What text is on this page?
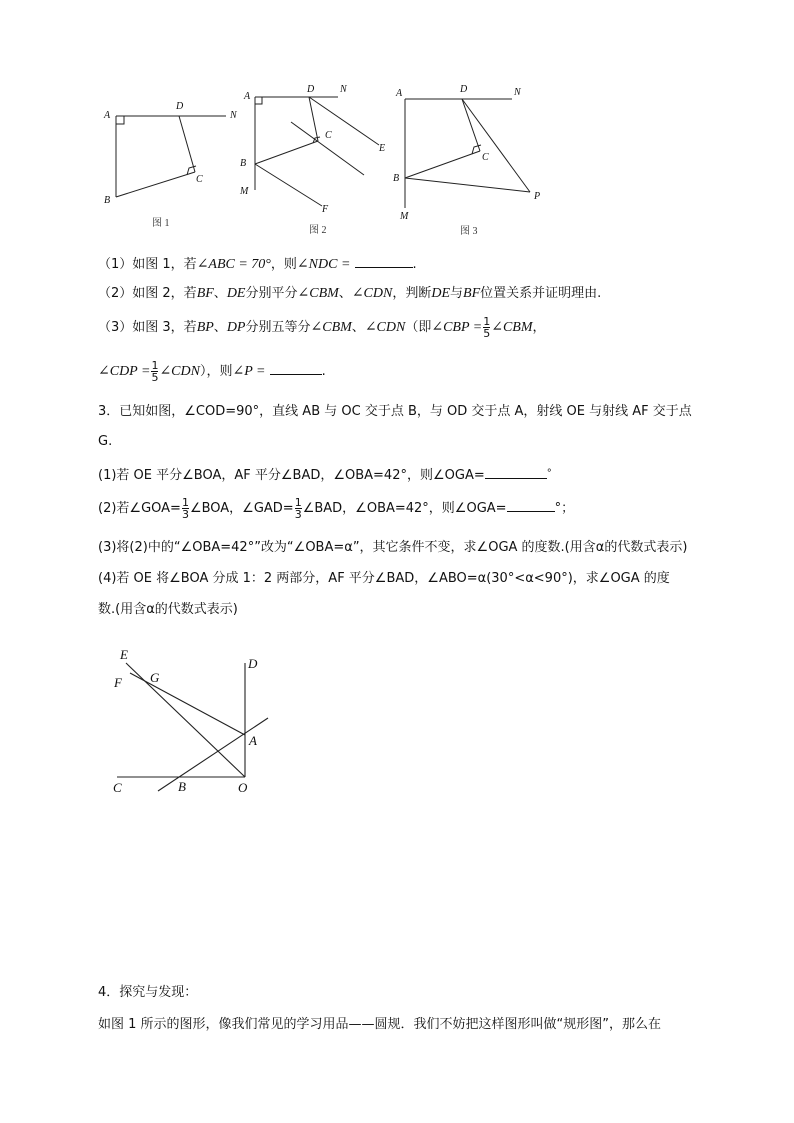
A
D
N
B
C
图 1
A
D	N
C
E
B
M
F
图 2
A	D	N
C
B
P
M
图 3
（1）如图 1，若∠ABC = 70°，则∠NDC =	.
（2）如图 2，若BF、DE分别平分∠CBM、∠CDN，判断DE与BF位置关系并证明理由.
（3）如图 3，若BP、DP分别五等分∠CBM、∠CDN（即∠CBP = $\frac{1}{5}$ ∠CBM，
∠CDP = $\frac{1}{5}$ ∠CDN），则∠P =	.
3．已知如图，∠COD=90°，直线 AB 与 OC 交于点 B，与 OD 交于点 A，射线 OE 与射线 AF 交于点
G.
(1)若 OE 平分∠BOA，AF 平分∠BAD，∠OBA=42°，则∠OGA=	°
(2)若∠GOA= $\frac{1}{3}$ ∠BOA，∠GAD= $\frac{1}{3}$ ∠BAD，∠OBA=42°，则∠OGA=	°；
(3)将(2)中的“∠OBA=42°”改为“∠OBA=α”，其它条件不变，求∠OGA 的度数.(用含α的代数式表示)
(4)若 OE 将∠BOA 分成 1：2 两部分，AF 平分∠BAD，∠ABO=α(30°<α<90°)，求∠OGA 的度
数.(用含α的代数式表示)
E
F G
D
A
C	B	O
4．探究与发现：
如图 1 所示的图形，像我们常见的学习用品——圆规．我们不妨把这样图形叫做“规形图”，那么在
